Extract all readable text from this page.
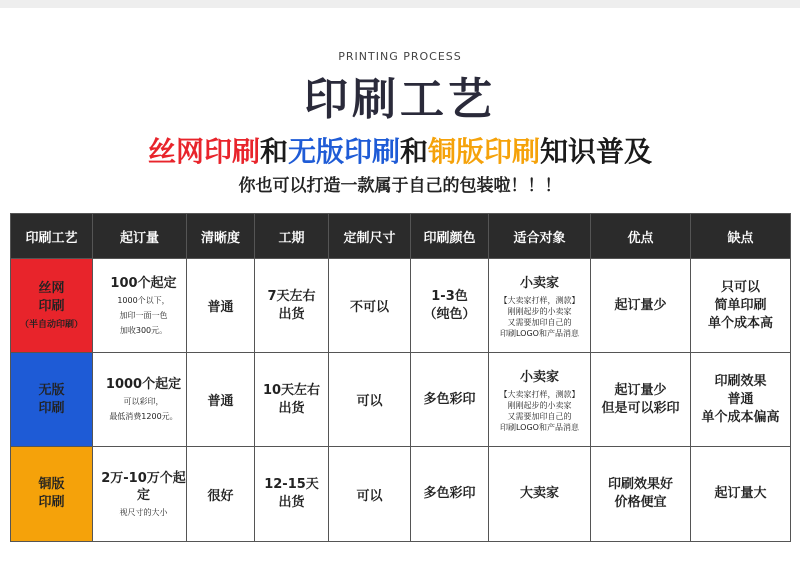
PRINTING PROCESS
印刷工艺
丝网印刷和无版印刷和铜版印刷知识普及
你也可以打造一款属于自己的包装啦！！！
印刷工艺	起订量	清晰度	工期	定制尺寸	印刷颜色	适合对象	优点	缺点

丝网
印刷
（半自动印刷）	100个起定
1000个以下，
加印一面一色
加收300元。	普通	7天左右
出货	不可以	1-3色
（纯色）	小卖家
【大卖家打样，测款】
刚刚起步的小卖家
又需要加印自己的
印刷LOGO和产品消息	起订量少	只可以
简单印刷
单个成本高

无版
印刷	1000个起定
可以彩印，
最低消费1200元。	普通	10天左右
出货	可以	多色彩印	小卖家
【大卖家打样，测款】
刚刚起步的小卖家
又需要加印自己的
印刷LOGO和产品消息	起订量少
但是可以彩印	印刷效果
普通
单个成本偏高

铜版
印刷	2万-10万个起定
视尺寸的大小	很好	12-15天
出货	可以	多色彩印	大卖家	印刷效果好
价格便宜	起订量大
